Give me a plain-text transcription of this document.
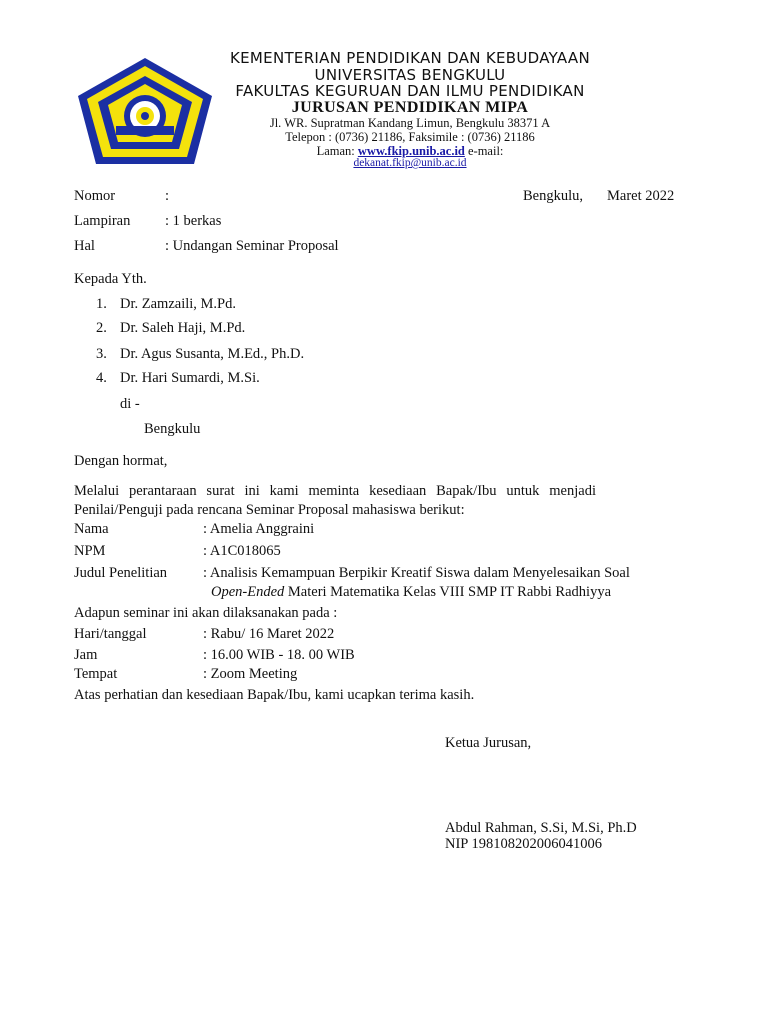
KEMENTERIAN PENDIDIKAN DAN KEBUDAYAAN
UNIVERSITAS BENGKULU
FAKULTAS KEGURUAN DAN ILMU PENDIDIKAN
JURUSAN PENDIDIKAN MIPA
Jl. WR. Supratman Kandang Limun, Bengkulu 38371 A
Telepon : (0736) 21186, Faksimile : (0736) 21186
Laman: www.fkip.unib.ac.id e-mail:
dekanat.fkip@unib.ac.id
Nomor	:	Bengkulu, Maret 2022
Lampiran : 1 berkas
Hal	: Undangan Seminar Proposal
Kepada Yth.
1. Dr. Zamzaili, M.Pd.
2. Dr. Saleh Haji, M.Pd.
3. Dr. Agus Susanta, M.Ed., Ph.D.
4. Dr. Hari Sumardi, M.Si.
di -
Bengkulu
Dengan hormat,
Melalui perantaraan surat ini kami meminta kesediaan Bapak/Ibu untuk menjadi
Penilai/Penguji pada rencana Seminar Proposal mahasiswa berikut:
Nama	: Amelia Anggraini
NPM	: A1C018065
Judul Penelitian : Analisis Kemampuan Berpikir Kreatif Siswa dalam Menyelesaikan Soal
Open-Ended Materi Matematika Kelas VIII SMP IT Rabbi Radhiyya
Adapun seminar ini akan dilaksanakan pada :
Hari/tanggal	: Rabu/ 16 Maret 2022
Jam	: 16.00 WIB - 18. 00 WIB
Tempat	: Zoom Meeting
Atas perhatian dan kesediaan Bapak/Ibu, kami ucapkan terima kasih.
Ketua Jurusan,
Abdul Rahman, S.Si, M.Si, Ph.D
NIP 198108202006041006
